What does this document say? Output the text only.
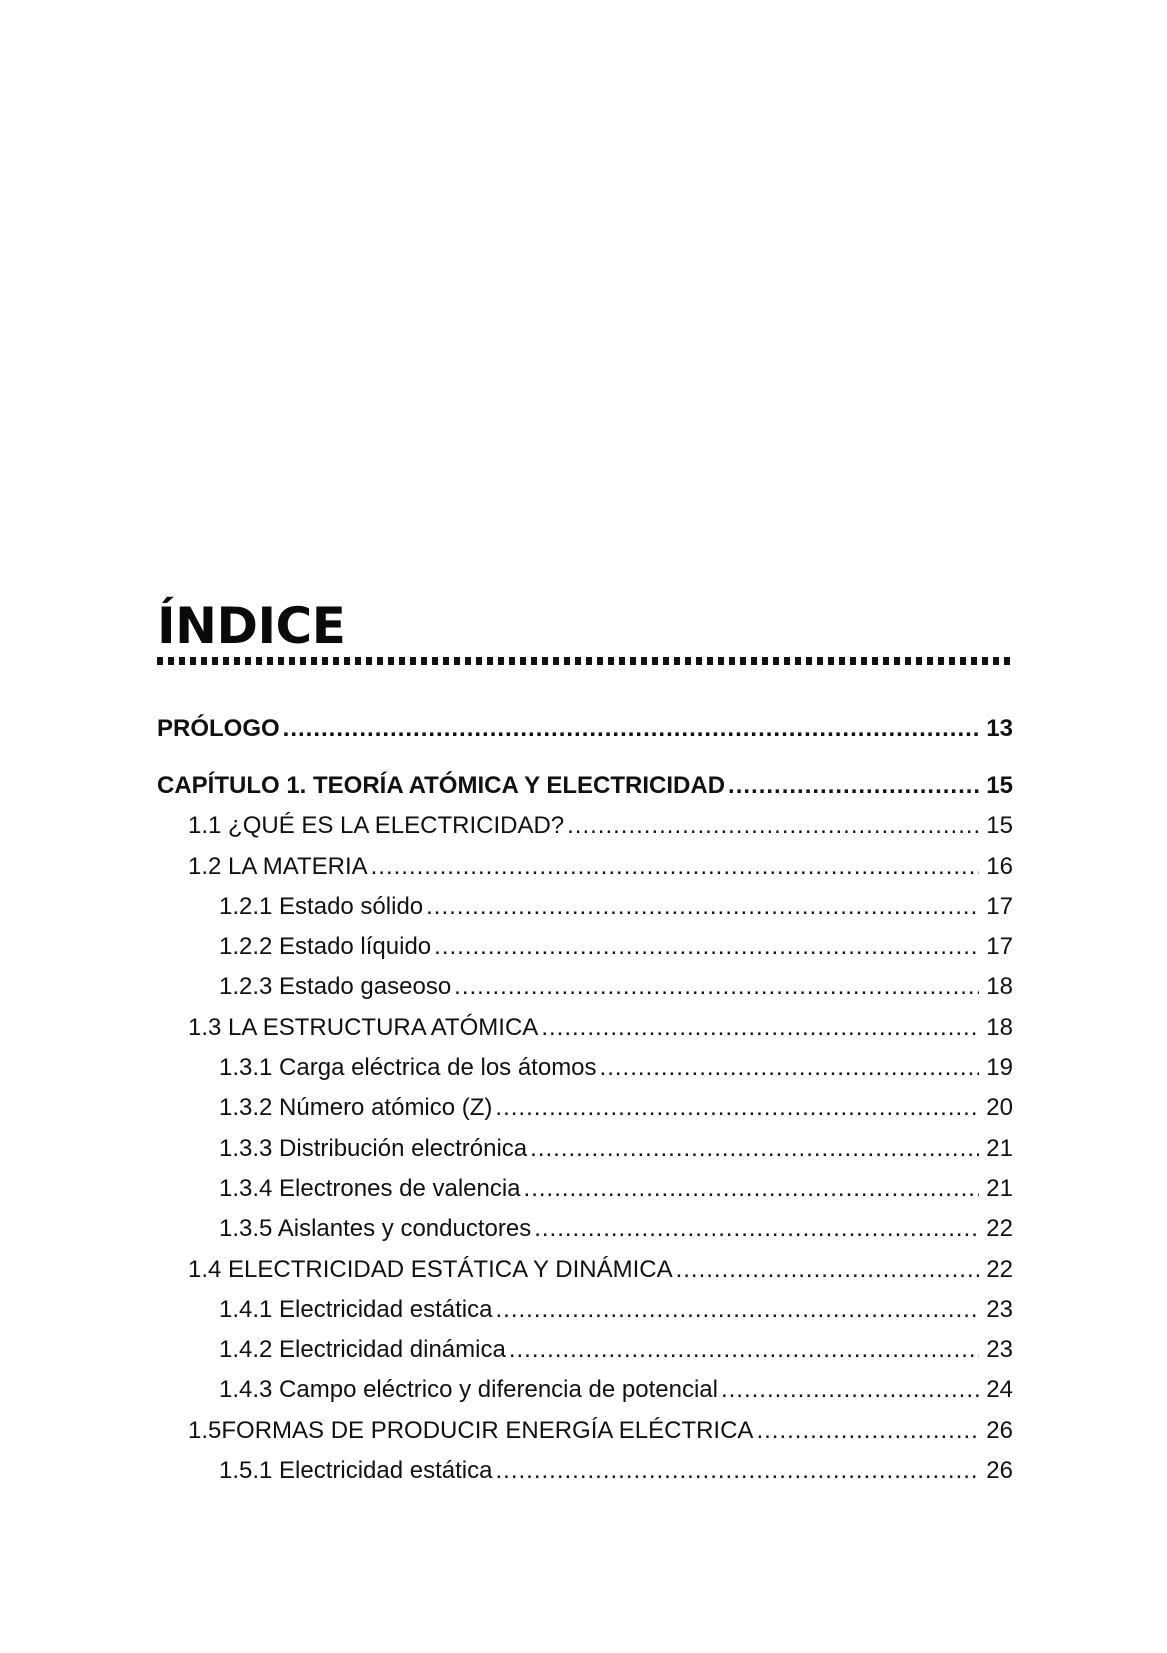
ÍNDICE
PRÓLOGO .....	13
CAPÍTULO 1. TEORÍA ATÓMICA Y ELECTRICIDAD .....	15
1.1 ¿QUÉ ES LA ELECTRICIDAD? .....	15
1.2 LA MATERIA .....	16
1.2.1 Estado sólido .....	17
1.2.2 Estado líquido .....	17
1.2.3 Estado gaseoso .....	18
1.3 LA ESTRUCTURA ATÓMICA .....	18
1.3.1 Carga eléctrica de los átomos .....	19
1.3.2 Número atómico (Z) .....	20
1.3.3 Distribución electrónica .....	21
1.3.4 Electrones de valencia .....	21
1.3.5 Aislantes y conductores .....	22
1.4 ELECTRICIDAD ESTÁTICA Y DINÁMICA .....	22
1.4.1 Electricidad estática .....	23
1.4.2 Electricidad dinámica .....	23
1.4.3 Campo eléctrico y diferencia de potencial .....	24
1.5FORMAS DE PRODUCIR ENERGÍA ELÉCTRICA .....	26
1.5.1 Electricidad estática .....	26
